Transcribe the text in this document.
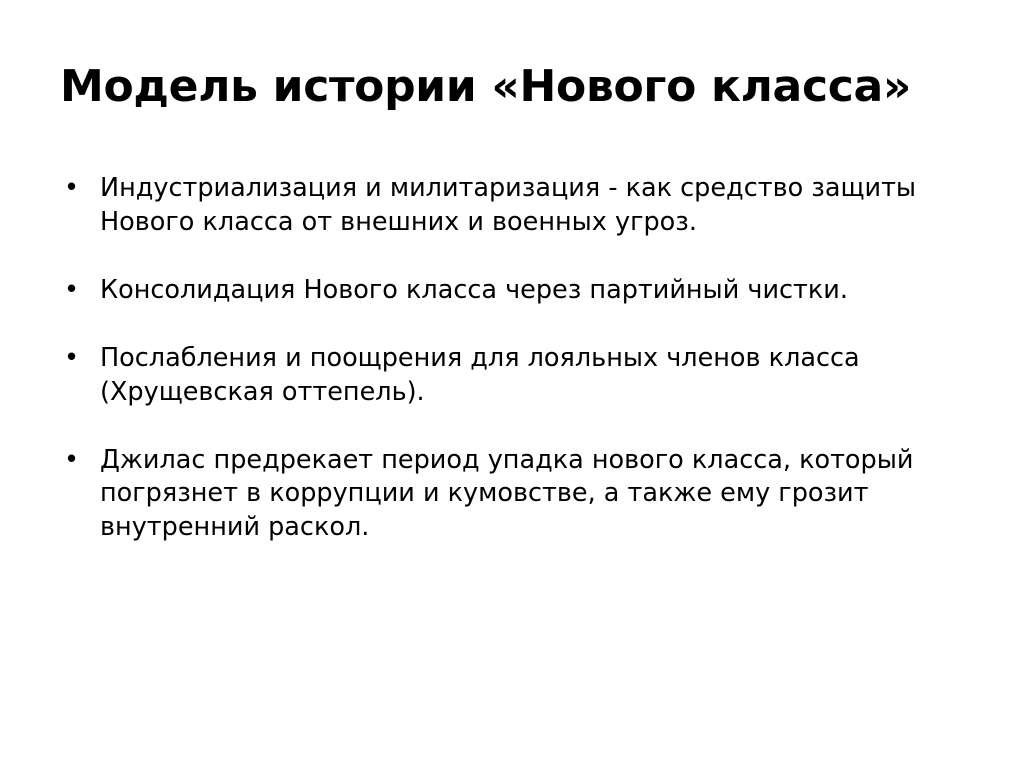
Модель истории «Нового класса»
• Индустриализация и милитаризация - как средство защиты Нового класса от внешних и военных угроз.
• Консолидация Нового класса через партийный чистки.
• Послабления и поощрения для лояльных членов класса (Хрущевская оттепель).
• Джилас предрекает период упадка нового класса, который погрязнет в коррупции и кумовстве, а также ему грозит внутренний раскол.
